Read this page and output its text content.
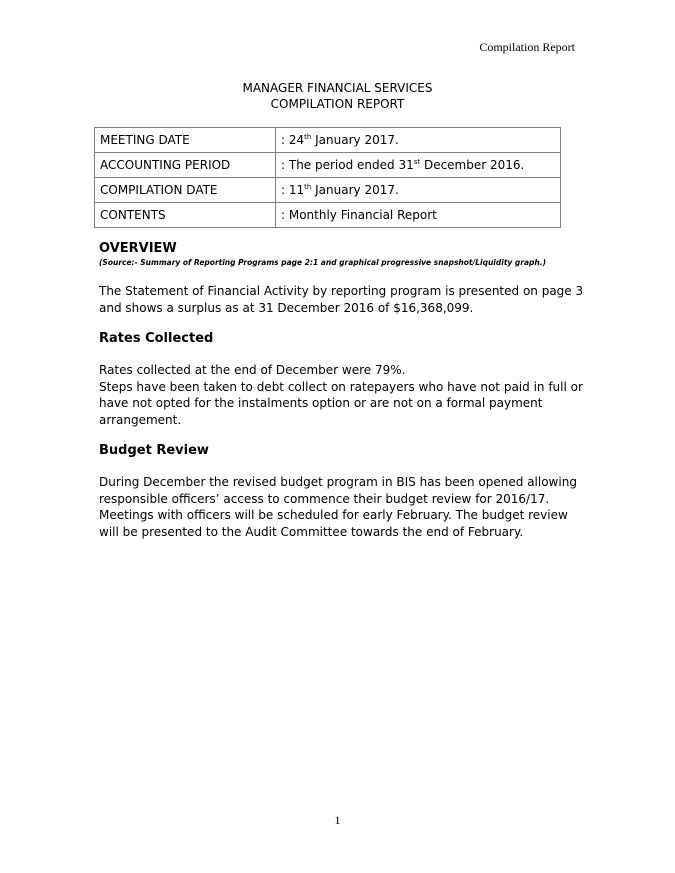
Compilation Report
MANAGER FINANCIAL SERVICES
COMPILATION REPORT
MEETING DATE	: 24th January 2017.
ACCOUNTING PERIOD	: The period ended 31st December 2016.
COMPILATION DATE	: 11th January 2017.
CONTENTS	: Monthly Financial Report
OVERVIEW
(Source:- Summary of Reporting Programs page 2:1 and graphical progressive snapshot/Liquidity graph.)

The Statement of Financial Activity by reporting program is presented on page 3 and shows a surplus as at 31 December 2016 of $16,368,099.

Rates Collected

Rates collected at the end of December were 79%.

Steps have been taken to debt collect on ratepayers who have not paid in full or have not opted for the instalments option or are not on a formal payment arrangement.

Budget Review

During December the revised budget program in BIS has been opened allowing responsible officers’ access to commence their budget review for 2016/17. Meetings with officers will be scheduled for early February. The budget review will be presented to the Audit Committee towards the end of February.

1
